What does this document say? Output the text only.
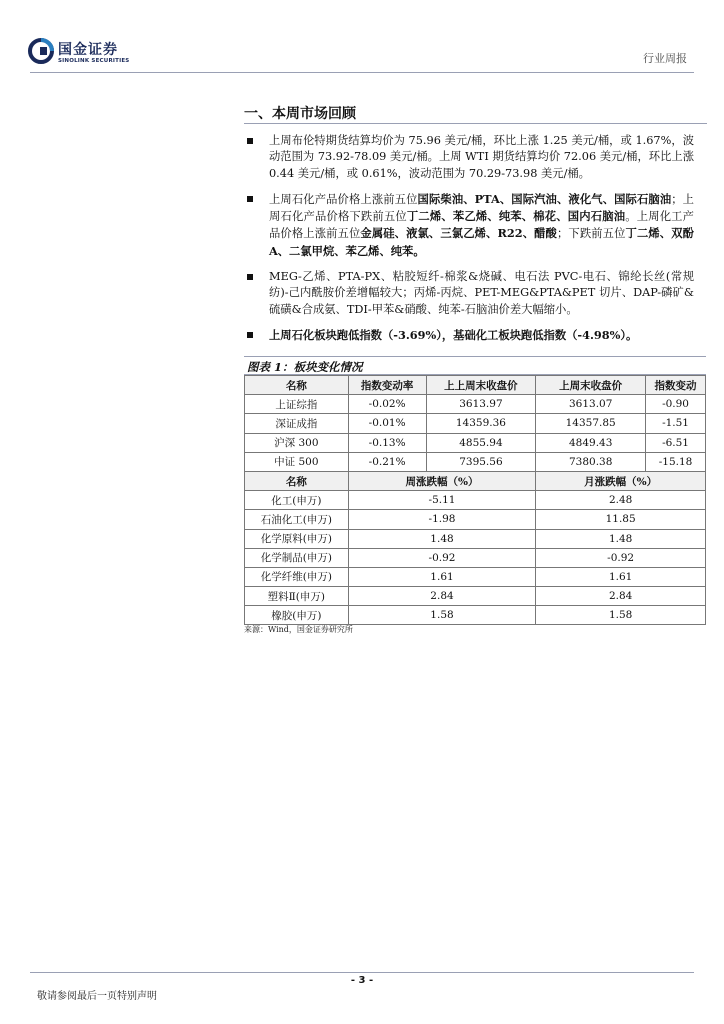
国金证券
SINOLINK SECURITIES	行业周报
一、本周市场回顾
上周布伦特期货结算均价为 75.96 美元/桶，环比上涨 1.25 美元/桶，或 1.67%，波动范围为 73.92-78.09 美元/桶。上周 WTI 期货结算均价 72.06 美元/桶，环比上涨 0.44 美元/桶，或 0.61%，波动范围为 70.29-73.98 美元/桶。
上周石化产品价格上涨前五位国际柴油、PTA、国际汽油、液化气、国际石脑油；上周石化产品价格下跌前五位丁二烯、苯乙烯、纯苯、棉花、国内石脑油。上周化工产品价格上涨前五位金属硅、液氯、三氯乙烯、R22、醋酸；下跌前五位丁二烯、双酚 A、二氯甲烷、苯乙烯、纯苯。
MEG-乙烯、PTA-PX、粘胶短纤-棉浆&烧碱、电石法 PVC-电石、锦纶长丝(常规纺)-己内酰胺价差增幅较大；丙烯-丙烷、PET-MEG&PTA&PET 切片、DAP-磷矿&硫磺&合成氨、TDI-甲苯&硝酸、纯苯-石脑油价差大幅缩小。
上周石化板块跑低指数（-3.69%），基础化工板块跑低指数（-4.98%）。
图表 1：板块变化情况
名称	指数变动率	上上周末收盘价	上周末收盘价	指数变动
上证综指	-0.02%	3613.97	3613.07	-0.90
深证成指	-0.01%	14359.36	14357.85	-1.51
沪深 300	-0.13%	4855.94	4849.43	-6.51
中证 500	-0.21%	7395.56	7380.38	-15.18
名称	周涨跌幅（%）		月涨跌幅（%）	
化工(申万)	-5.11		2.48	
石油化工(申万)	-1.98		11.85	
化学原料(申万)	1.48		1.48	
化学制品(申万)	-0.92		-0.92	
化学纤维(申万)	1.61		1.61	
塑料Ⅱ(申万)	2.84		2.84	
橡胶(申万)	1.58		1.58	
来源：Wind，国金证券研究所
- 3 -
敬请参阅最后一页特别声明
